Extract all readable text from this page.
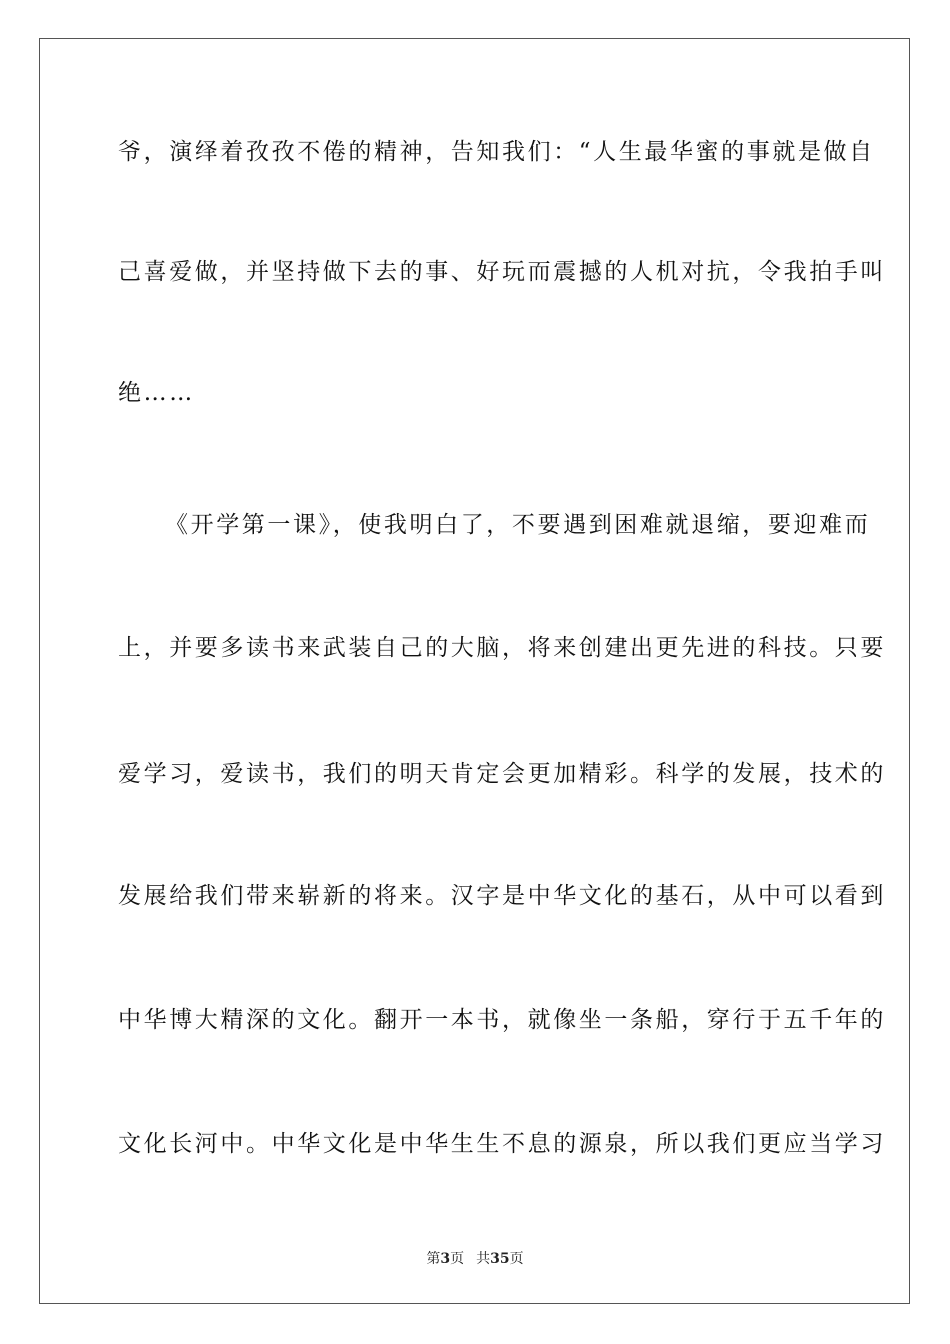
爷，演绎着孜孜不倦的精神，告知我们：“人生最华蜜的事就是做自
己喜爱做，并坚持做下去的事、好玩而震撼的人机对抗，令我拍手叫
绝……
《开学第一课》，使我明白了，不要遇到困难就退缩，要迎难而
上，并要多读书来武装自己的大脑，将来创建出更先进的科技。只要
爱学习，爱读书，我们的明天肯定会更加精彩。科学的发展，技术的
发展给我们带来崭新的将来。汉字是中华文化的基石，从中可以看到
中华博大精深的文化。翻开一本书，就像坐一条船，穿行于五千年的
文化长河中。中华文化是中华生生不息的源泉，所以我们更应当学习
第3页 共35页
